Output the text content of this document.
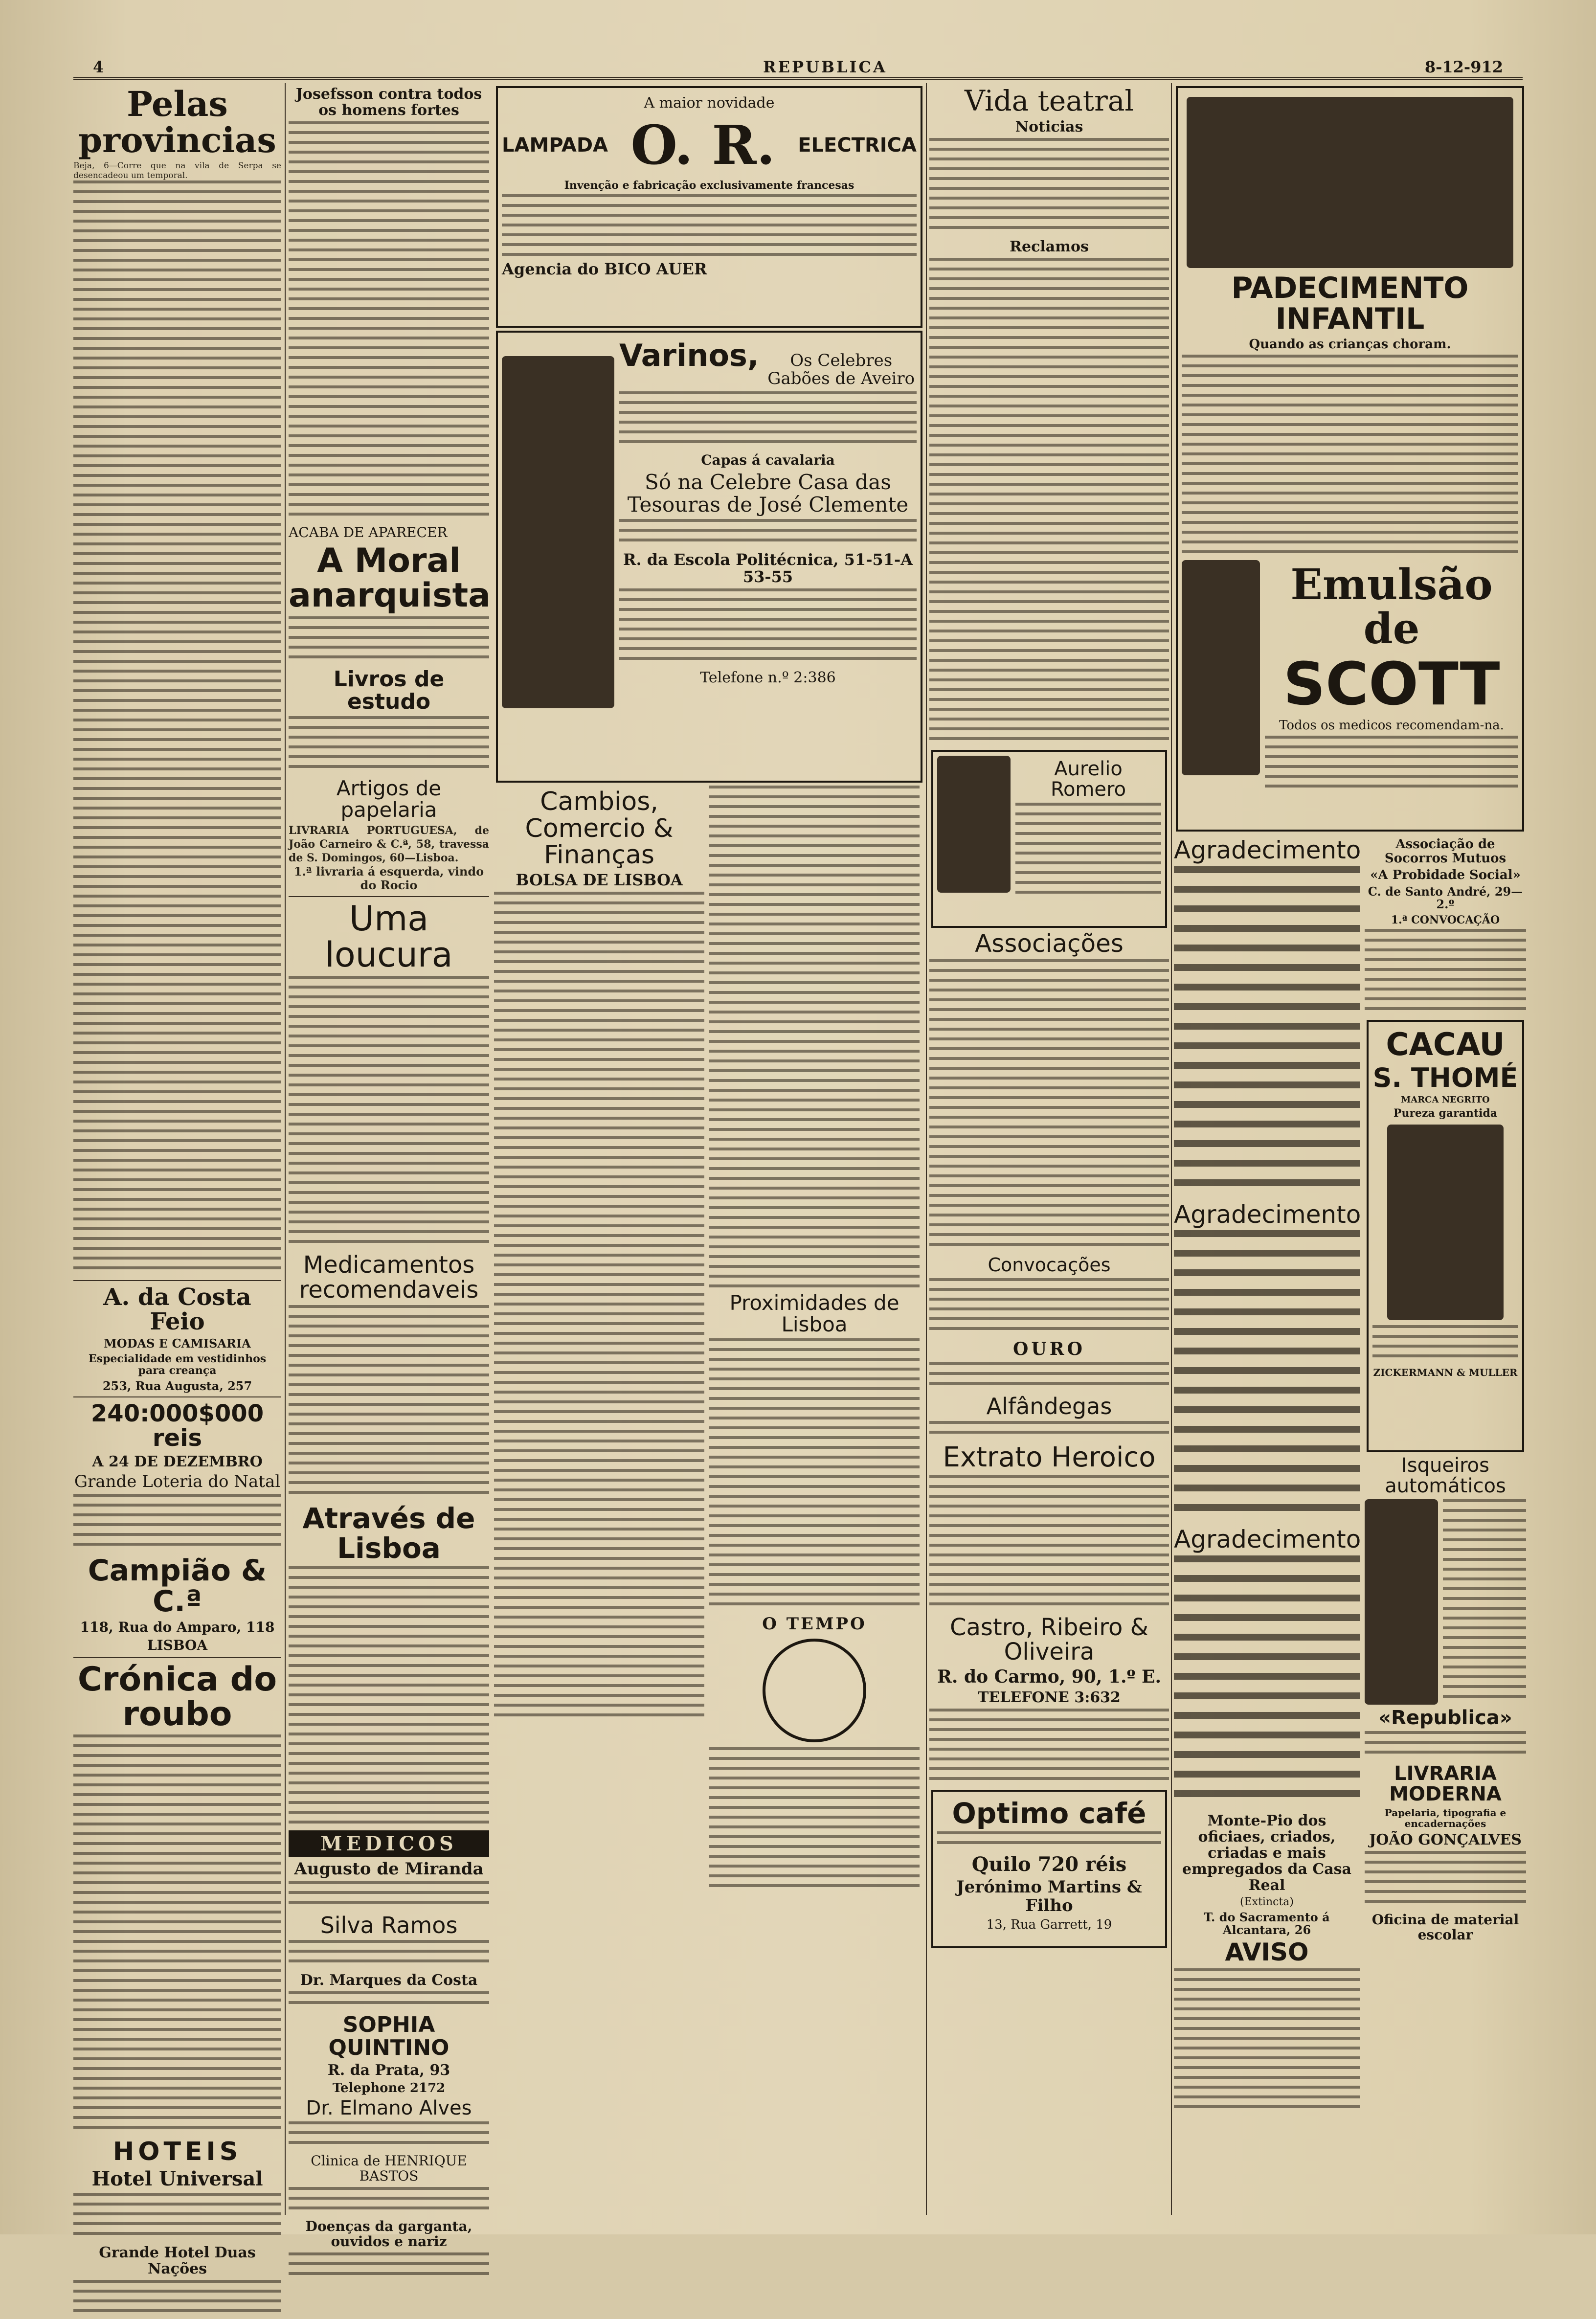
4	REPUBLICA	8-12-912
Pelas provincias
Beja, 6—Corre que na vila de Serpa se desencadeou um temporal.
A. da Costa Feio
MODAS E CAMISARIA
Especialidade em vestidinhos para creança
253, Rua Augusta, 257
240:000$000 reis
A 24 DE DEZEMBRO
Grande Loteria do Natal
Campião & C.ª
118, Rua do Amparo, 118
LISBOA
Crónica do roubo
HOTEIS
Hotel Universal
Grande Hotel Duas Nações
Josefsson contra todos os homens fortes
ACABA DE APARECER
A Moral anarquista
Livros de estudo
Artigos de papelaria
LIVRARIA PORTUGUESA, de João Carneiro & C.ª, 58, travessa de S. Domingos, 60—Lisboa.
1.ª livraria á esquerda, vindo do Rocio
Uma loucura
Medicamentos recomendaveis
Através de Lisboa
MEDICOS
Augusto de Miranda
Silva Ramos
Dr. Marques da Costa
SOPHIA QUINTINO
R. da Prata, 93
Telephone 2172
Dr. Elmano Alves
Clinica de HENRIQUE BASTOS
Doenças da garganta, ouvidos e nariz
A maior novidade
LAMPADA O. R. ELECTRICA
Invenção e fabricação exclusivamente francesas
Agencia do BICO AUER
Varinos,	Os Celebres Gabões de Aveiro
Capas á cavalaria
Só na Celebre Casa das Tesouras de José Clemente
R. da Escola Politécnica, 51-51-A 53-55
Telefone n.º 2:386
Cambios, Comercio & Finanças
BOLSA DE LISBOA
Proximidades de Lisboa
O TEMPO
Vida teatral
Noticias
Reclamos
Aurelio Romero
Associações
Convocações
OURO
Alfândegas
Extrato Heroico
Castro, Ribeiro & Oliveira
R. do Carmo, 90, 1.º E.
TELEFONE 3:632
Optimo café
Quilo 720 réis
Jerónimo Martins & Filho
13, Rua Garrett, 19
PADECIMENTO INFANTIL
Quando as crianças choram.
Emulsão de
SCOTT
Todos os medicos recomendam-na.
Agradecimento
Agradecimento
Agradecimento
Monte-Pio dos oficiaes, criados, criadas e mais empregados da Casa Real
(Extincta)
T. do Sacramento á Alcantara, 26
AVISO
Associação de Socorros Mutuos
«A Probidade Social»
C. de Santo André, 29—2.º
1.ª CONVOCAÇÃO
CACAU
S. THOMÉ
MARCA NEGRITO
Pureza garantida
ZICKERMANN & MULLER
Isqueiros automáticos
«Republica»
LIVRARIA MODERNA
Papelaria, tipografia e encadernações
JOÃO GONÇALVES
Oficina de material escolar
